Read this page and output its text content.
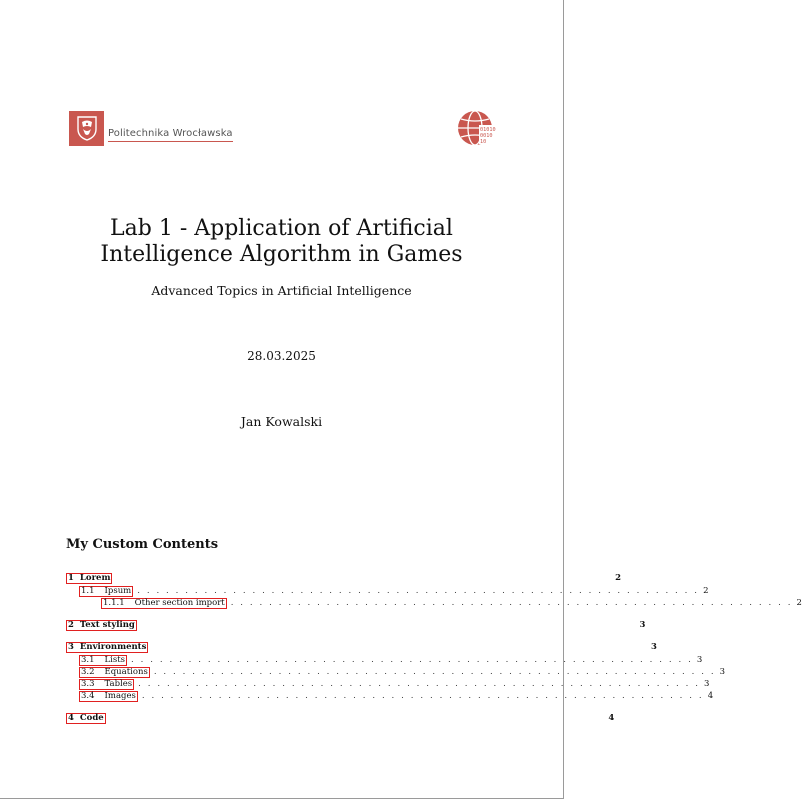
Politechnika Wrocławska	01010
0010
10
Lab 1 - Application of Artificial
Intelligence Algorithm in Games
Advanced Topics in Artificial Intelligence
28.03.2025
Jan Kowalski
My Custom Contents
1 Lorem	2
1.1 Ipsum . . . . . . . . . . . . . . . . . . . . . . . . . . . . . . . . . . . . . . . . . . . . . . . . . . . . . . . . . . . 2
1.1.1 Other section import . . . . . . . . . . . . . . . . . . . . . . . . . . . . . . . . . . . . . . . . . . . . . . . . . . . . . . . . . . . 2
2 Text styling	3
3 Environments	3
3.1 Lists . . . . . . . . . . . . . . . . . . . . . . . . . . . . . . . . . . . . . . . . . . . . . . . . . . . . . . . . . . . 3
3.2 Equations . . . . . . . . . . . . . . . . . . . . . . . . . . . . . . . . . . . . . . . . . . . . . . . . . . . . . . . . . . . 3
3.3 Tables . . . . . . . . . . . . . . . . . . . . . . . . . . . . . . . . . . . . . . . . . . . . . . . . . . . . . . . . . . . 3
3.4 Images . . . . . . . . . . . . . . . . . . . . . . . . . . . . . . . . . . . . . . . . . . . . . . . . . . . . . . . . . . . 4
4 Code	4
